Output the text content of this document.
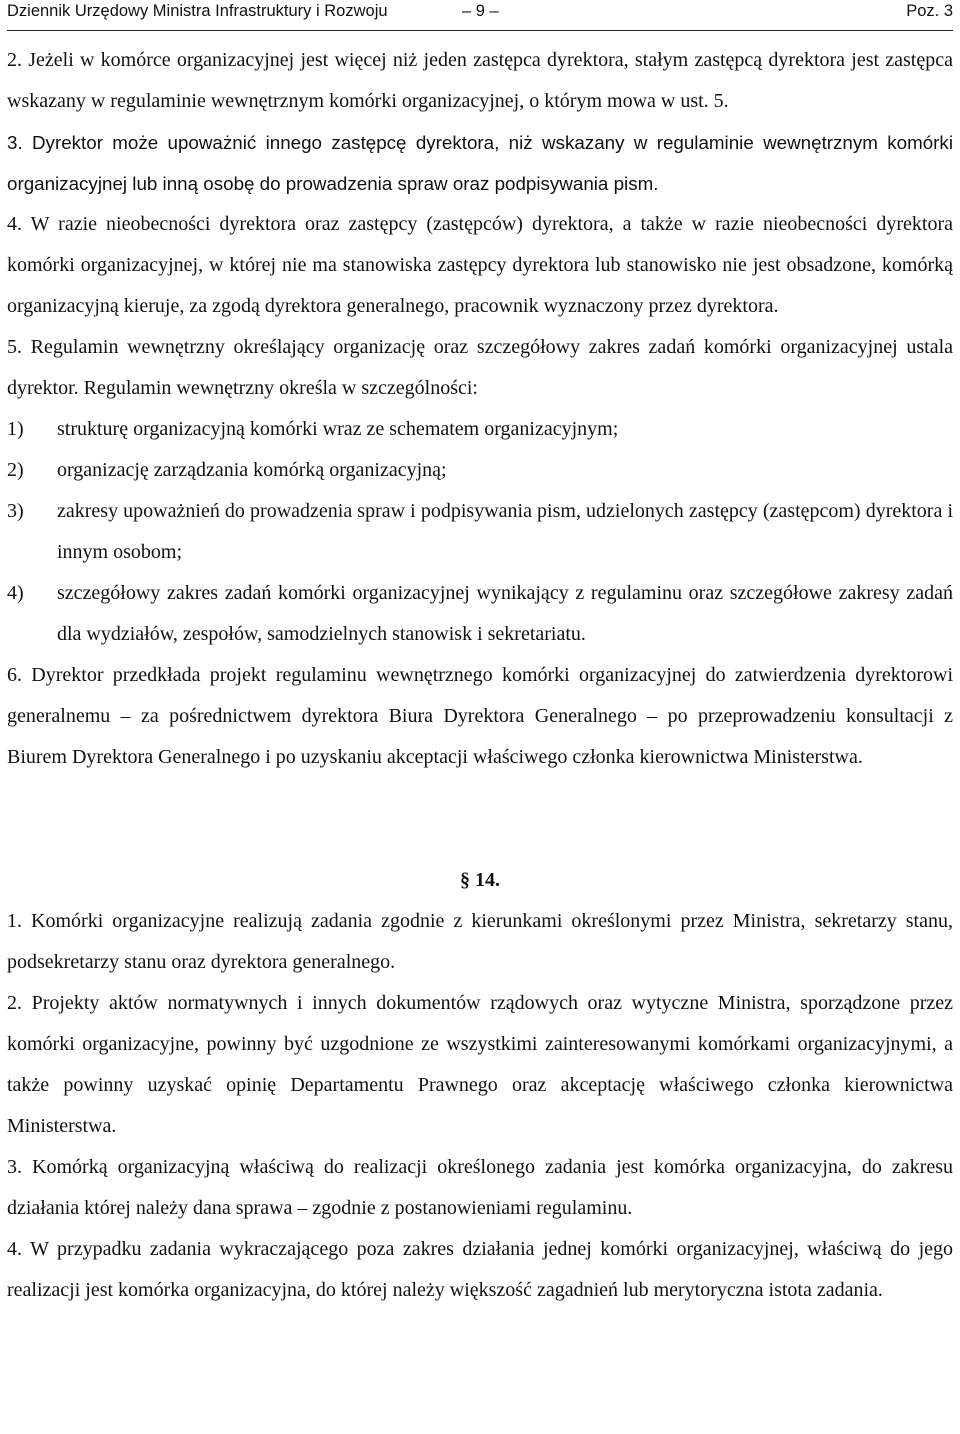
Dziennik Urzędowy Ministra Infrastruktury i Rozwoju	– 9 –	Poz. 3

2. Jeżeli w komórce organizacyjnej jest więcej niż jeden zastępca dyrektora, stałym zastępcą dyrektora jest zastępca wskazany w regulaminie wewnętrznym komórki organizacyjnej, o którym mowa w ust. 5.

3. Dyrektor może upoważnić innego zastępcę dyrektora, niż wskazany w regulaminie wewnętrznym komórki organizacyjnej lub inną osobę do prowadzenia spraw oraz podpisywania pism.

4. W razie nieobecności dyrektora oraz zastępcy (zastępców) dyrektora, a także w razie nieobecności dyrektora komórki organizacyjnej, w której nie ma stanowiska zastępcy dyrektora lub stanowisko nie jest obsadzone, komórką organizacyjną kieruje, za zgodą dyrektora generalnego, pracownik wyznaczony przez dyrektora.

5. Regulamin wewnętrzny określający organizację oraz szczegółowy zakres zadań komórki organizacyjnej ustala dyrektor. Regulamin wewnętrzny określa w szczególności:

1)	strukturę organizacyjną komórki wraz ze schematem organizacyjnym;
2)	organizację zarządzania komórką organizacyjną;
3)	zakresy upoważnień do prowadzenia spraw i podpisywania pism, udzielonych zastępcy (zastępcom) dyrektora i innym osobom;
4)	szczegółowy zakres zadań komórki organizacyjnej wynikający z regulaminu oraz szczegółowe zakresy zadań dla wydziałów, zespołów, samodzielnych stanowisk i sekretariatu.

6. Dyrektor przedkłada projekt regulaminu wewnętrznego komórki organizacyjnej do zatwierdzenia dyrektorowi generalnemu – za pośrednictwem dyrektora Biura Dyrektora Generalnego – po przeprowadzeniu konsultacji z Biurem Dyrektora Generalnego i po uzyskaniu akceptacji właściwego członka kierownictwa Ministerstwa.

§ 14.

1. Komórki organizacyjne realizują zadania zgodnie z kierunkami określonymi przez Ministra, sekretarzy stanu, podsekretarzy stanu oraz dyrektora generalnego.

2. Projekty aktów normatywnych i innych dokumentów rządowych oraz wytyczne Ministra, sporządzone przez komórki organizacyjne, powinny być uzgodnione ze wszystkimi zainteresowanymi komórkami organizacyjnymi, a także powinny uzyskać opinię Departamentu Prawnego oraz akceptację właściwego członka kierownictwa Ministerstwa.

3. Komórką organizacyjną właściwą do realizacji określonego zadania jest komórka organizacyjna, do zakresu działania której należy dana sprawa – zgodnie z postanowieniami regulaminu.

4. W przypadku zadania wykraczającego poza zakres działania jednej komórki organizacyjnej, właściwą do jego realizacji jest komórka organizacyjna, do której należy większość zagadnień lub merytoryczna istota zadania.
